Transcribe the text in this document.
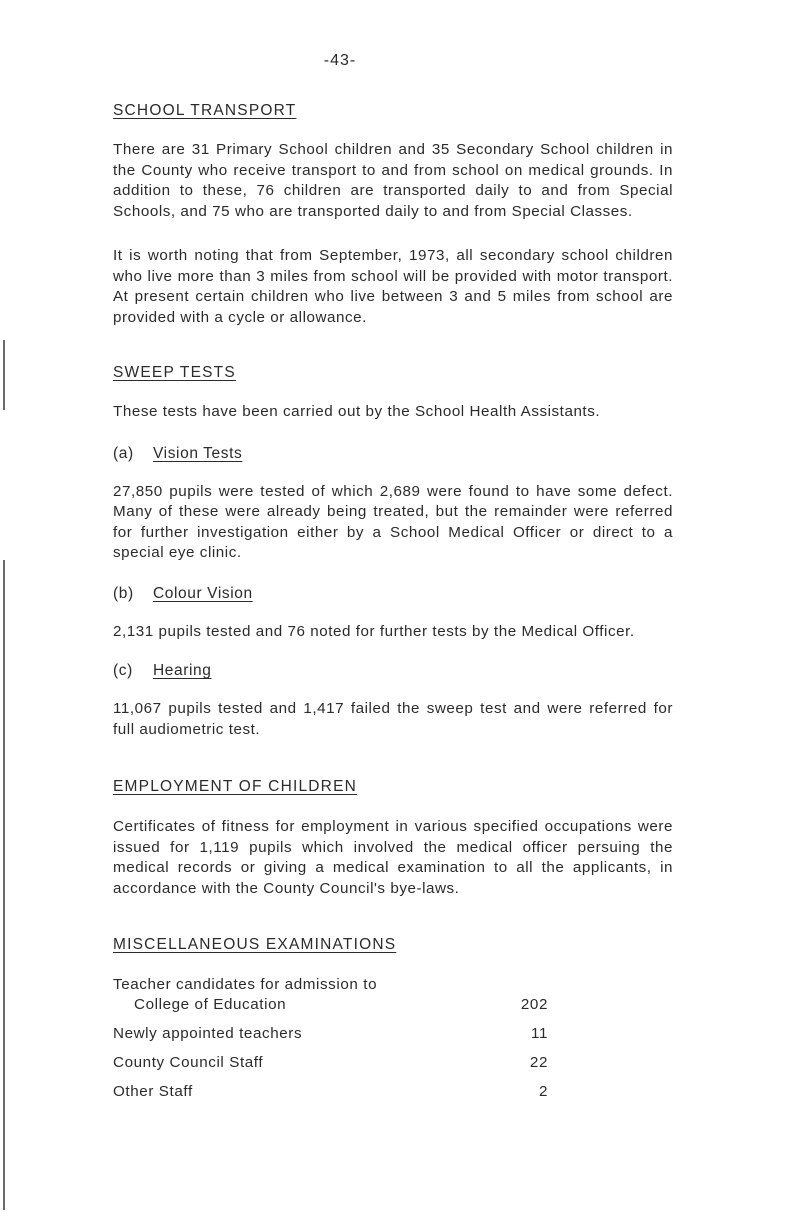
-43-
SCHOOL TRANSPORT

There are 31 Primary School children and 35 Secondary School children in the County who receive transport to and from school on medical grounds. In addition to these, 76 children are transported daily to and from Special Schools, and 75 who are transported daily to and from Special Classes.

It is worth noting that from September, 1973, all secondary school children who live more than 3 miles from school will be provided with motor transport. At present certain children who live between 3 and 5 miles from school are provided with a cycle or allowance.

SWEEP TESTS

These tests have been carried out by the School Health Assistants.

(a)	Vision Tests

27,850 pupils were tested of which 2,689 were found to have some defect. Many of these were already being treated, but the remainder were referred for further investigation either by a School Medical Officer or direct to a special eye clinic.

(b)	Colour Vision

2,131 pupils tested and 76 noted for further tests by the Medical Officer.

(c)	Hearing

11,067 pupils tested and 1,417 failed the sweep test and were referred for full audiometric test.

EMPLOYMENT OF CHILDREN

Certificates of fitness for employment in various specified occupations were issued for 1,119 pupils which involved the medical officer persuing the medical records or giving a medical examination to all the applicants, in accordance with the County Council's bye-laws.

MISCELLANEOUS EXAMINATIONS
Teacher candidates for admission to
College of Education	202
Newly appointed teachers	11
County Council Staff	22
Other Staff	2
